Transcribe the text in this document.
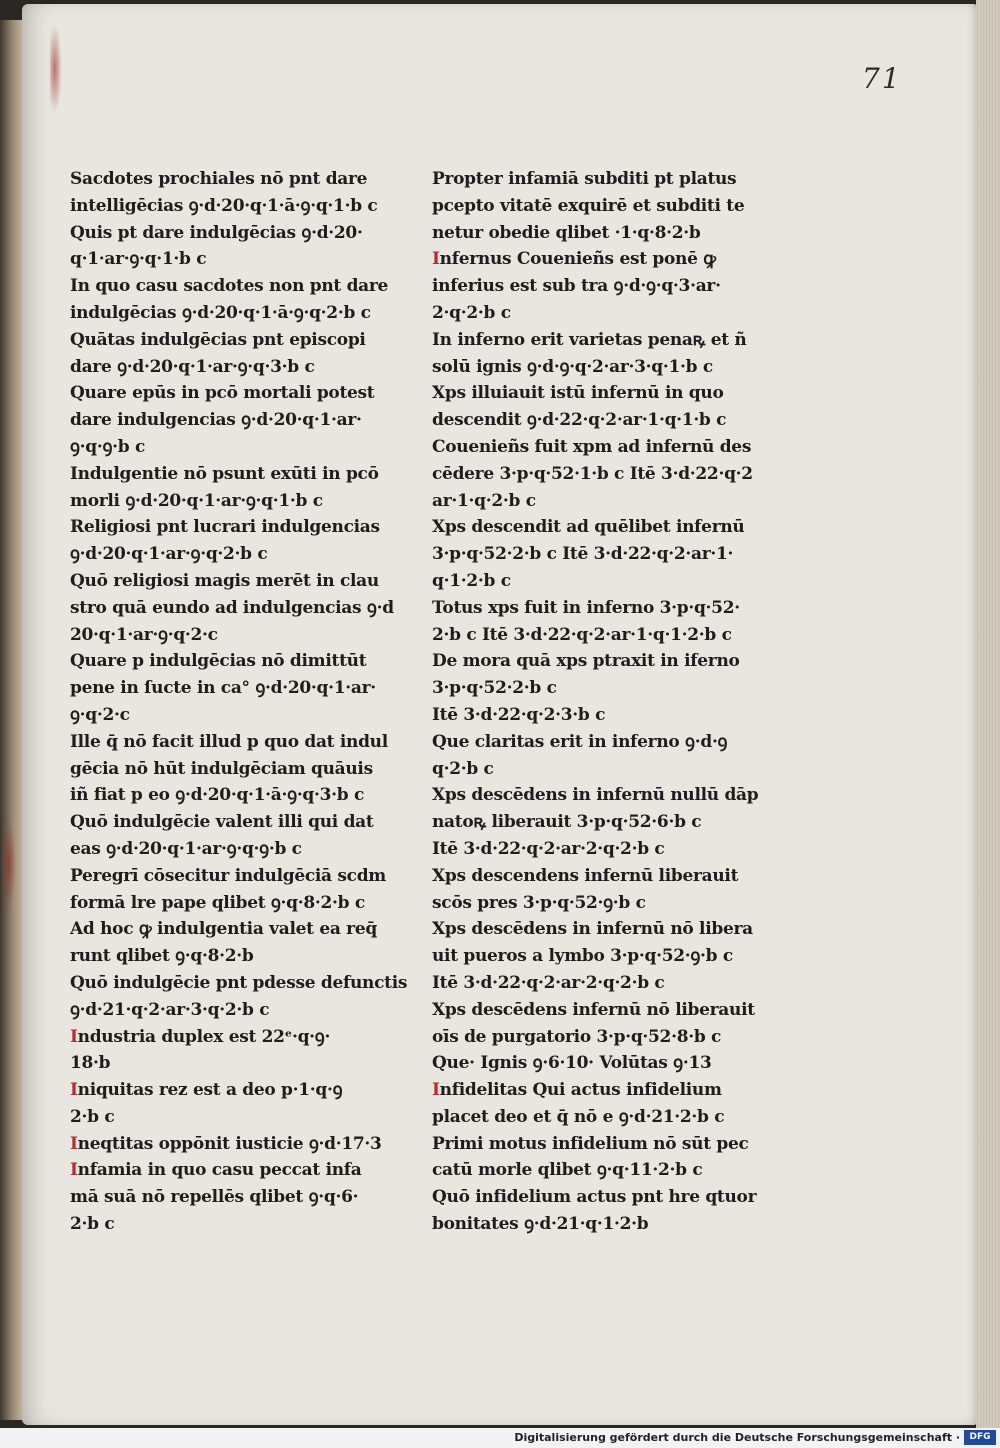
71
Sacdotes prochiales nō pnt dare
intelligēcias ꝯ·d·20·q·1·ā·ꝯ·q·1·b c
Quis pt dare indulgēcias ꝯ·d·20·
q·1·ar·ꝯ·q·1·b c
In quo casu sacdotes non pnt dare
indulgēcias ꝯ·d·20·q·1·ā·ꝯ·q·2·b c
Quātas indulgēcias pnt episcopi
dare ꝯ·d·20·q·1·ar·ꝯ·q·3·b c
Quare epūs in pcō mortali potest
dare indulgencias ꝯ·d·20·q·1·ar·
ꝯ·q·ꝯ·b c
Indulgentie nō psunt exūti in pcō
morli ꝯ·d·20·q·1·ar·ꝯ·q·1·b c
Religiosi pnt lucrari indulgencias
ꝯ·d·20·q·1·ar·ꝯ·q·2·b c
Quō religiosi magis merēt in clau
stro quā eundo ad indulgencias ꝯ·d
20·q·1·ar·ꝯ·q·2·c
Quare p indulgēcias nō dimittūt
pene in ſucte in ca° ꝯ·d·20·q·1·ar·
ꝯ·q·2·c
Ille q̄ nō facit illud p quo dat indul
gēcia nō hūt indulgēciam quāuis
iñ fiat p eo ꝯ·d·20·q·1·ā·ꝯ·q·3·b c
Quō indulgēcie valent illi qui dat
eas ꝯ·d·20·q·1·ar·ꝯ·q·ꝯ·b c
Peregrī cōsecitur indulgēciā scdm
formā lre pape qlibet ꝯ·q·8·2·b c
Ad hoc ꝙ indulgentia valet ea req̄
runt qlibet ꝯ·q·8·2·b
Quō indulgēcie pnt pdesse defunctis
ꝯ·d·21·q·2·ar·3·q·2·b c
Industria duplex est 22ᵉ·q·ꝯ·
18·b
Iniquitas rez est a deo p·1·q·ꝯ
2·b c
Ineqtitas oppōnit iusticie ꝯ·d·17·3
Infamia in quo casu peccat infa
mā suā nō repellēs qlibet ꝯ·q·6·
2·b c
Propter infamiā subditi pt platus
pcepto vitatē exquirē et subditi te
netur obedie qlibet ·1·q·8·2·b
Infernus Couenieñs est ponē ꝙ
inferius est sub tra ꝯ·d·ꝯ·q·3·ar·
2·q·2·b c
In inferno erit varietas penaꝶ et ñ
solū ignis ꝯ·d·ꝯ·q·2·ar·3·q·1·b c
Xps illuiauit istū infernū in quo
descendit ꝯ·d·22·q·2·ar·1·q·1·b c
Couenieñs fuit xpm ad infernū des
cēdere 3·p·q·52·1·b c Itē 3·d·22·q·2
ar·1·q·2·b c
Xps descendit ad quēlibet infernū
3·p·q·52·2·b c Itē 3·d·22·q·2·ar·1·
q·1·2·b c
Totus xps fuit in inferno 3·p·q·52·
2·b c Itē 3·d·22·q·2·ar·1·q·1·2·b c
De mora quā xps ptraxit in iferno
3·p·q·52·2·b c
Itē 3·d·22·q·2·3·b c
Que claritas erit in inferno ꝯ·d·ꝯ
q·2·b c
Xps descēdens in infernū nullū dāp
natoꝶ liberauit 3·p·q·52·6·b c
Itē 3·d·22·q·2·ar·2·q·2·b c
Xps descendens infernū liberauit
scōs pres 3·p·q·52·ꝯ·b c
Xps descēdens in infernū nō libera
uit pueros a lymbo 3·p·q·52·ꝯ·b c
Itē 3·d·22·q·2·ar·2·q·2·b c
Xps descēdens infernū nō liberauit
oīs de purgatorio 3·p·q·52·8·b c
Que· Ignis ꝯ·6·10· Volūtas ꝯ·13
Infidelitas Qui actus infidelium
placet deo et q̄ nō e ꝯ·d·21·2·b c
Primi motus infidelium nō sūt pec
catū morle qlibet ꝯ·q·11·2·b c
Quō infidelium actus pnt hre qtuor
bonitates ꝯ·d·21·q·1·2·b
Digitalisierung gefördert durch die Deutsche Forschungsgemeinschaft ·	DFG
